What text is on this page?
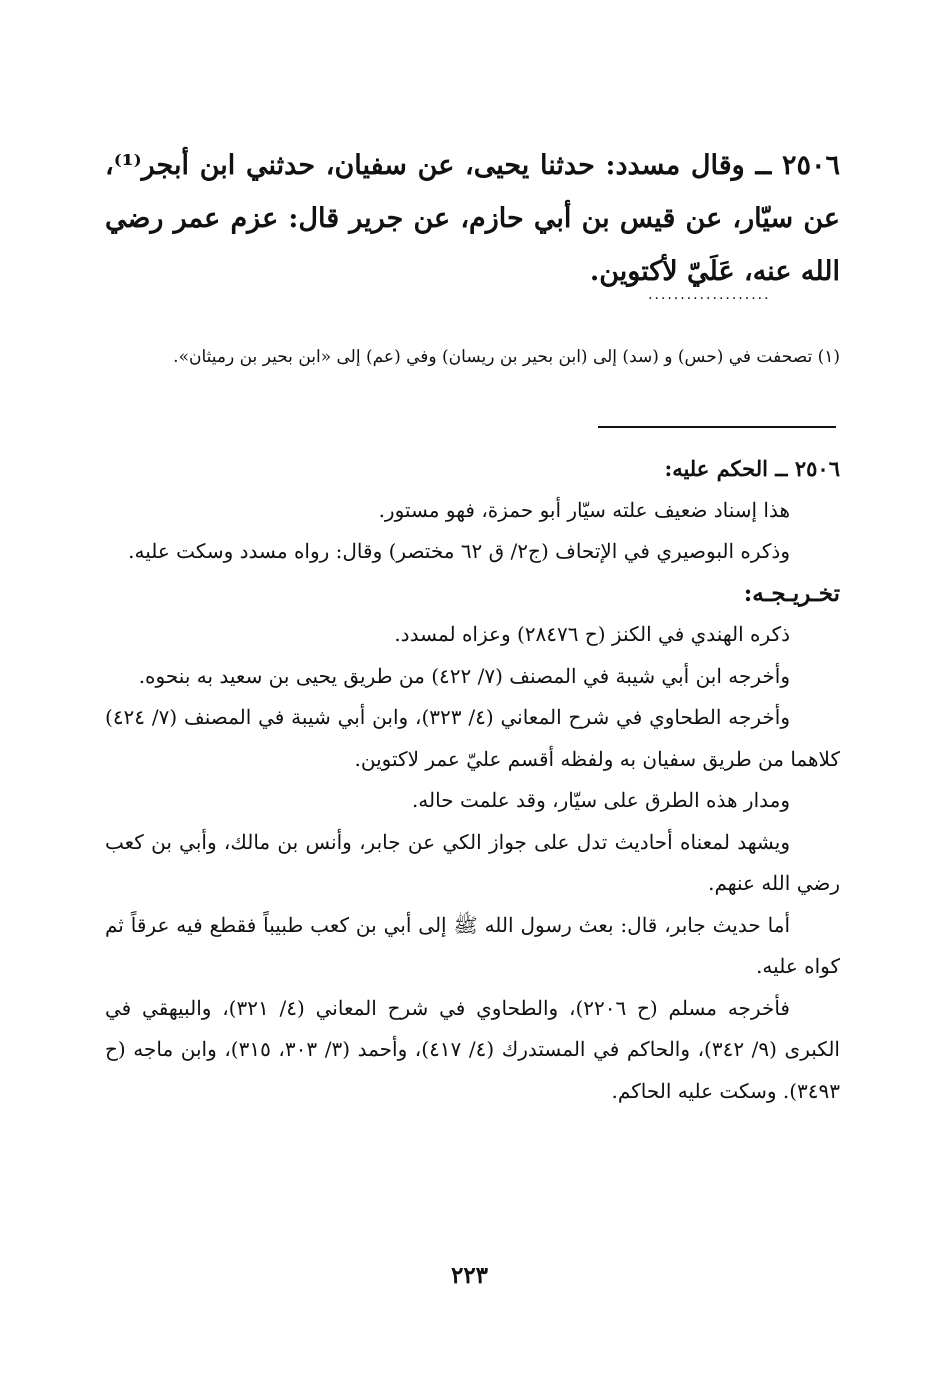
٢٥٠٦ ــ وقال مسدد: حدثنا يحيى، عن سفيان، حدثني ابن أبجر⁽¹⁾، عن سيّار، عن قيس بن أبي حازم، عن جرير قال: عزم عمر رضي الله عنه، عَلَيّ لأكتوين.

...................

(١) تصحفت في (حس) و (سد) إلى (ابن بحير بن ريسان) وفي (عم) إلى «ابن بحير بن رميثان».

٢٥٠٦ ــ الحكم عليه:

هذا إسناد ضعيف علته سيّار أبو حمزة، فهو مستور.

وذكره البوصيري في الإتحاف (ج٢/ ق ٦٢ مختصر) وقال: رواه مسدد وسكت عليه.

تخـريـجـه:

ذكره الهندي في الكنز (ح ٢٨٤٧٦) وعزاه لمسدد.

وأخرجه ابن أبي شيبة في المصنف (٧/ ٤٢٢) من طريق يحيى بن سعيد به بنحوه.

وأخرجه الطحاوي في شرح المعاني (٤/ ٣٢٣)، وابن أبي شيبة في المصنف (٧/ ٤٢٤) كلاهما من طريق سفيان به ولفظه أقسم عليّ عمر لاكتوين.

ومدار هذه الطرق على سيّار، وقد علمت حاله.

ويشهد لمعناه أحاديث تدل على جواز الكي عن جابر، وأنس بن مالك، وأبي بن كعب رضي الله عنهم.

أما حديث جابر، قال: بعث رسول الله ﷺ إلى أبي بن كعب طبيباً فقطع فيه عرقاً ثم كواه عليه.

فأخرجه مسلم (ح ٢٢٠٦)، والطحاوي في شرح المعاني (٤/ ٣٢١)، والبيهقي في الكبرى (٩/ ٣٤٢)، والحاكم في المستدرك (٤/ ٤١٧)، وأحمد (٣/ ٣٠٣، ٣١٥)، وابن ماجه (ح ٣٤٩٣). وسكت عليه الحاكم.

٢٢٣
